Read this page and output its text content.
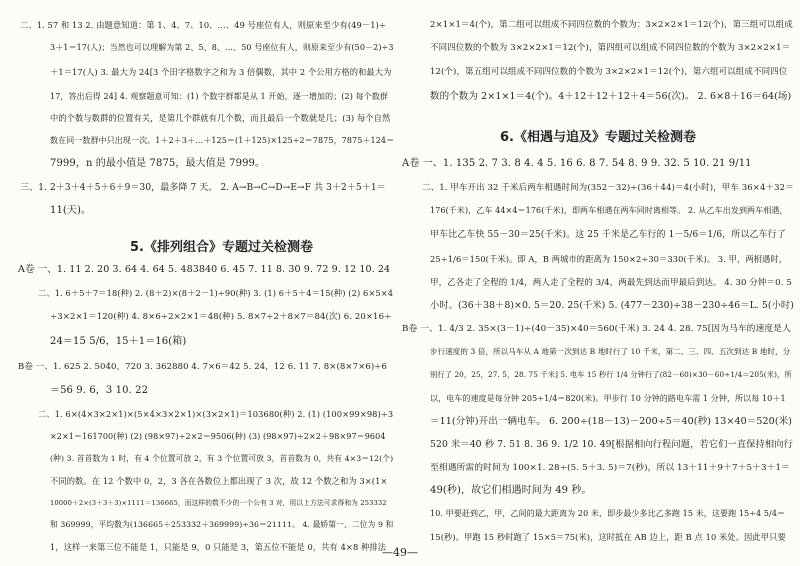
二、1. 57 和 13 2. 由题意知道：第 1、4、7、10、…、49 号座位有人，则原来至少有(49－1)÷
3＋1＝17(人)；当然也可以理解为第 2、5、8、…、50 号座位有人，则原来至少有(50－2)÷3
＋1＝17(人) 3. 最大为 24[3 个田字格数字之和为 3 倍偶数，其中 2 个公用方格的和最大为
17，答出后得 24] 4. 观察题意可知：(1) 个数字群都是从 1 开始，逐一增加的；(2) 每个数群
中的个数与数群的位置有关，是第几个群就有几个数，而且最后一个数就是几；(3) 每个自然
数在同一数群中只出现一次。1＋2＋3＋…＋125＝(1＋125)×125÷2＝7875，7875＋124＝
7999，n 的最小值是 7875，最大值是 7999。
三、1. 2＋3＋4＋5＋6＋9＝30，最多降 7 天。 2. A→B→C→D→E→F 共 3＋2＋5＋1＝
11(天)。
5.《排列组合》专题过关检测卷
A卷 一、1. 11 2. 20 3. 64 4. 64 5. 483840 6. 45 7. 11 8. 30 9. 72 9. 12 10. 24
二、1. 6＋5＋7＝18(种) 2. (8＋2)×(8＋2－1)÷90(种) 3. (1) 6＋5＋4＝15(种) (2) 6×5×4
÷3×2×1＝120(种) 4. 8×6÷2×2×1＝48(种) 5. 8×7÷2＋8×7＝84(次) 6. 20×16÷
24＝15 5/6，15＋1＝16(箱)
B卷 一、1. 625 2. 5040，720 3. 362880 4. 7×6＝42 5. 24，12 6. 11 7. 8×(8×7×6)÷6
＝56 9. 6，3 10. 22
二、1. 6×(4×3×2×1)×(5×4×3×2×1)×(3×2×1)＝103680(种) 2. (1) (100×99×98)÷3
×2×1＝161700(种) (2) (98×97)÷2×2＝9506(种) (3) (98×97)÷2×2＋98×97＝9604
(种) 3. 首首数为 1 时，有 4 个位置可放 2，有 3 个位置可放 3，首首数为 0，共有 4×3＝12(个)
不同的数。在 12 个数中 0，2，3 各在各数位上都出现了 3 次，故 12 个数之和为 3×(1×
10000＋2×(3＋3＋3)×1111＝136665，而这样的数不少的一个公有 3 对，用以上方法可求得和为 253332
和 369999，平均数为(136665＋253332＋369999)÷36＝21111。 4. 最娇第一、二位为 9 和
1，这样一来第三位不能是 1，只能是 9，0 只能是 3，第五位不能是 0，共有 4×8 种排法
2×1×1＝4(个)，第二组可以组成不同四位数的个数为：3×2×2×1＝12(个)，第三组可以组成
不同四位数的个数为 3×2×2×1＝12(个)，第四组可以组成不同四位数的个数为 3×2×2×1＝
12(个)，第五组可以组成不同四位数的个数为 3×2×2×1＝12(个)，第六组可以组成不同四位
数的个数为 2×1×1＝4(个)。4＋12＋12＋12＋4＝56(次)。 2. 6×8＋16＝64(场)
6.《相遇与追及》专题过关检测卷
A卷 一、1. 135 2. 7 3. 8 4. 4 5. 16 6. 8 7. 54 8. 9 9. 32. 5 10. 21 9/11
二、1. 甲车开出 32 千米后两车相遇时间为(352－32)÷(36＋44)＝4(小时)，甲车 36×4＋32＝
176(千米)，乙车 44×4＝176(千米)，即两车相遇在两车同时离相等。 2. 从乙车出发到两车相遇，
甲车比乙车快 55－30＝25(千米)。这 25 千米是乙车行的 1－5/6＝1/6，所以乙车行了
25÷1/6＝150(千米)。即 A，B 两城市的距离为 150×2÷30＝330(千米)。 3. 甲，两相遇时，
甲，乙各走了全程的 1/4，两人走了全程的 3/4，两最先到达而甲最后到达。 4. 30 分钟＝0. 5
小时。(36＋38＋8)×0. 5＝20. 25(千米) 5. (477－230)÷38－230÷46＝L. 5(小时)
B卷 一、1. 4/3 2. 35×(3－1)÷(40－35)×40＝560(千米) 3. 24 4. 28. 75[因为马车的速度是人
步行速度的 3 倍，所以马车从 A 地第一次到达 B 地时行了 10 千米，第二、三、四、五次到达 B 地时，分
别行了 20，25，27. 5，28. 75 千米] 5. 电车 15 秒行 1/4 分钟行了(82－60)×30－60÷1/4＝205(米)，所
以，电车的速度是每分钟 205÷1/4＝820(米)。甲步行 10 分钟的路电车需 1 分钟，所以每 10＋1
＝11(分钟)开出一辆电车。 6. 200÷(18－13)－200÷5＝40(秒) 13×40＝520(米)
520 米＝40 秒 7. 51 8. 36 9. 1/2 10. 49[根据相向行程问题，若它们一直保持相向行
至相遇所需的时间为 100×1. 28÷(5. 5＋3. 5)＝7(秒)，所以 13＋11＋9＋7＋5＋3＋1＝
49(秒)，故它们相遇时间为 49 秒。
10. 甲要赶到乙，甲，乙间的最大距离为 20 米，即步最少多比乙多跑 15 米，这要跑 15÷4 5/4＝
15(秒)。甲跑 15 秒时跑了 15×5＝75(米)，这时抵在 AB 边上，距 B 点 10 米处。因此甲只要
—49—
